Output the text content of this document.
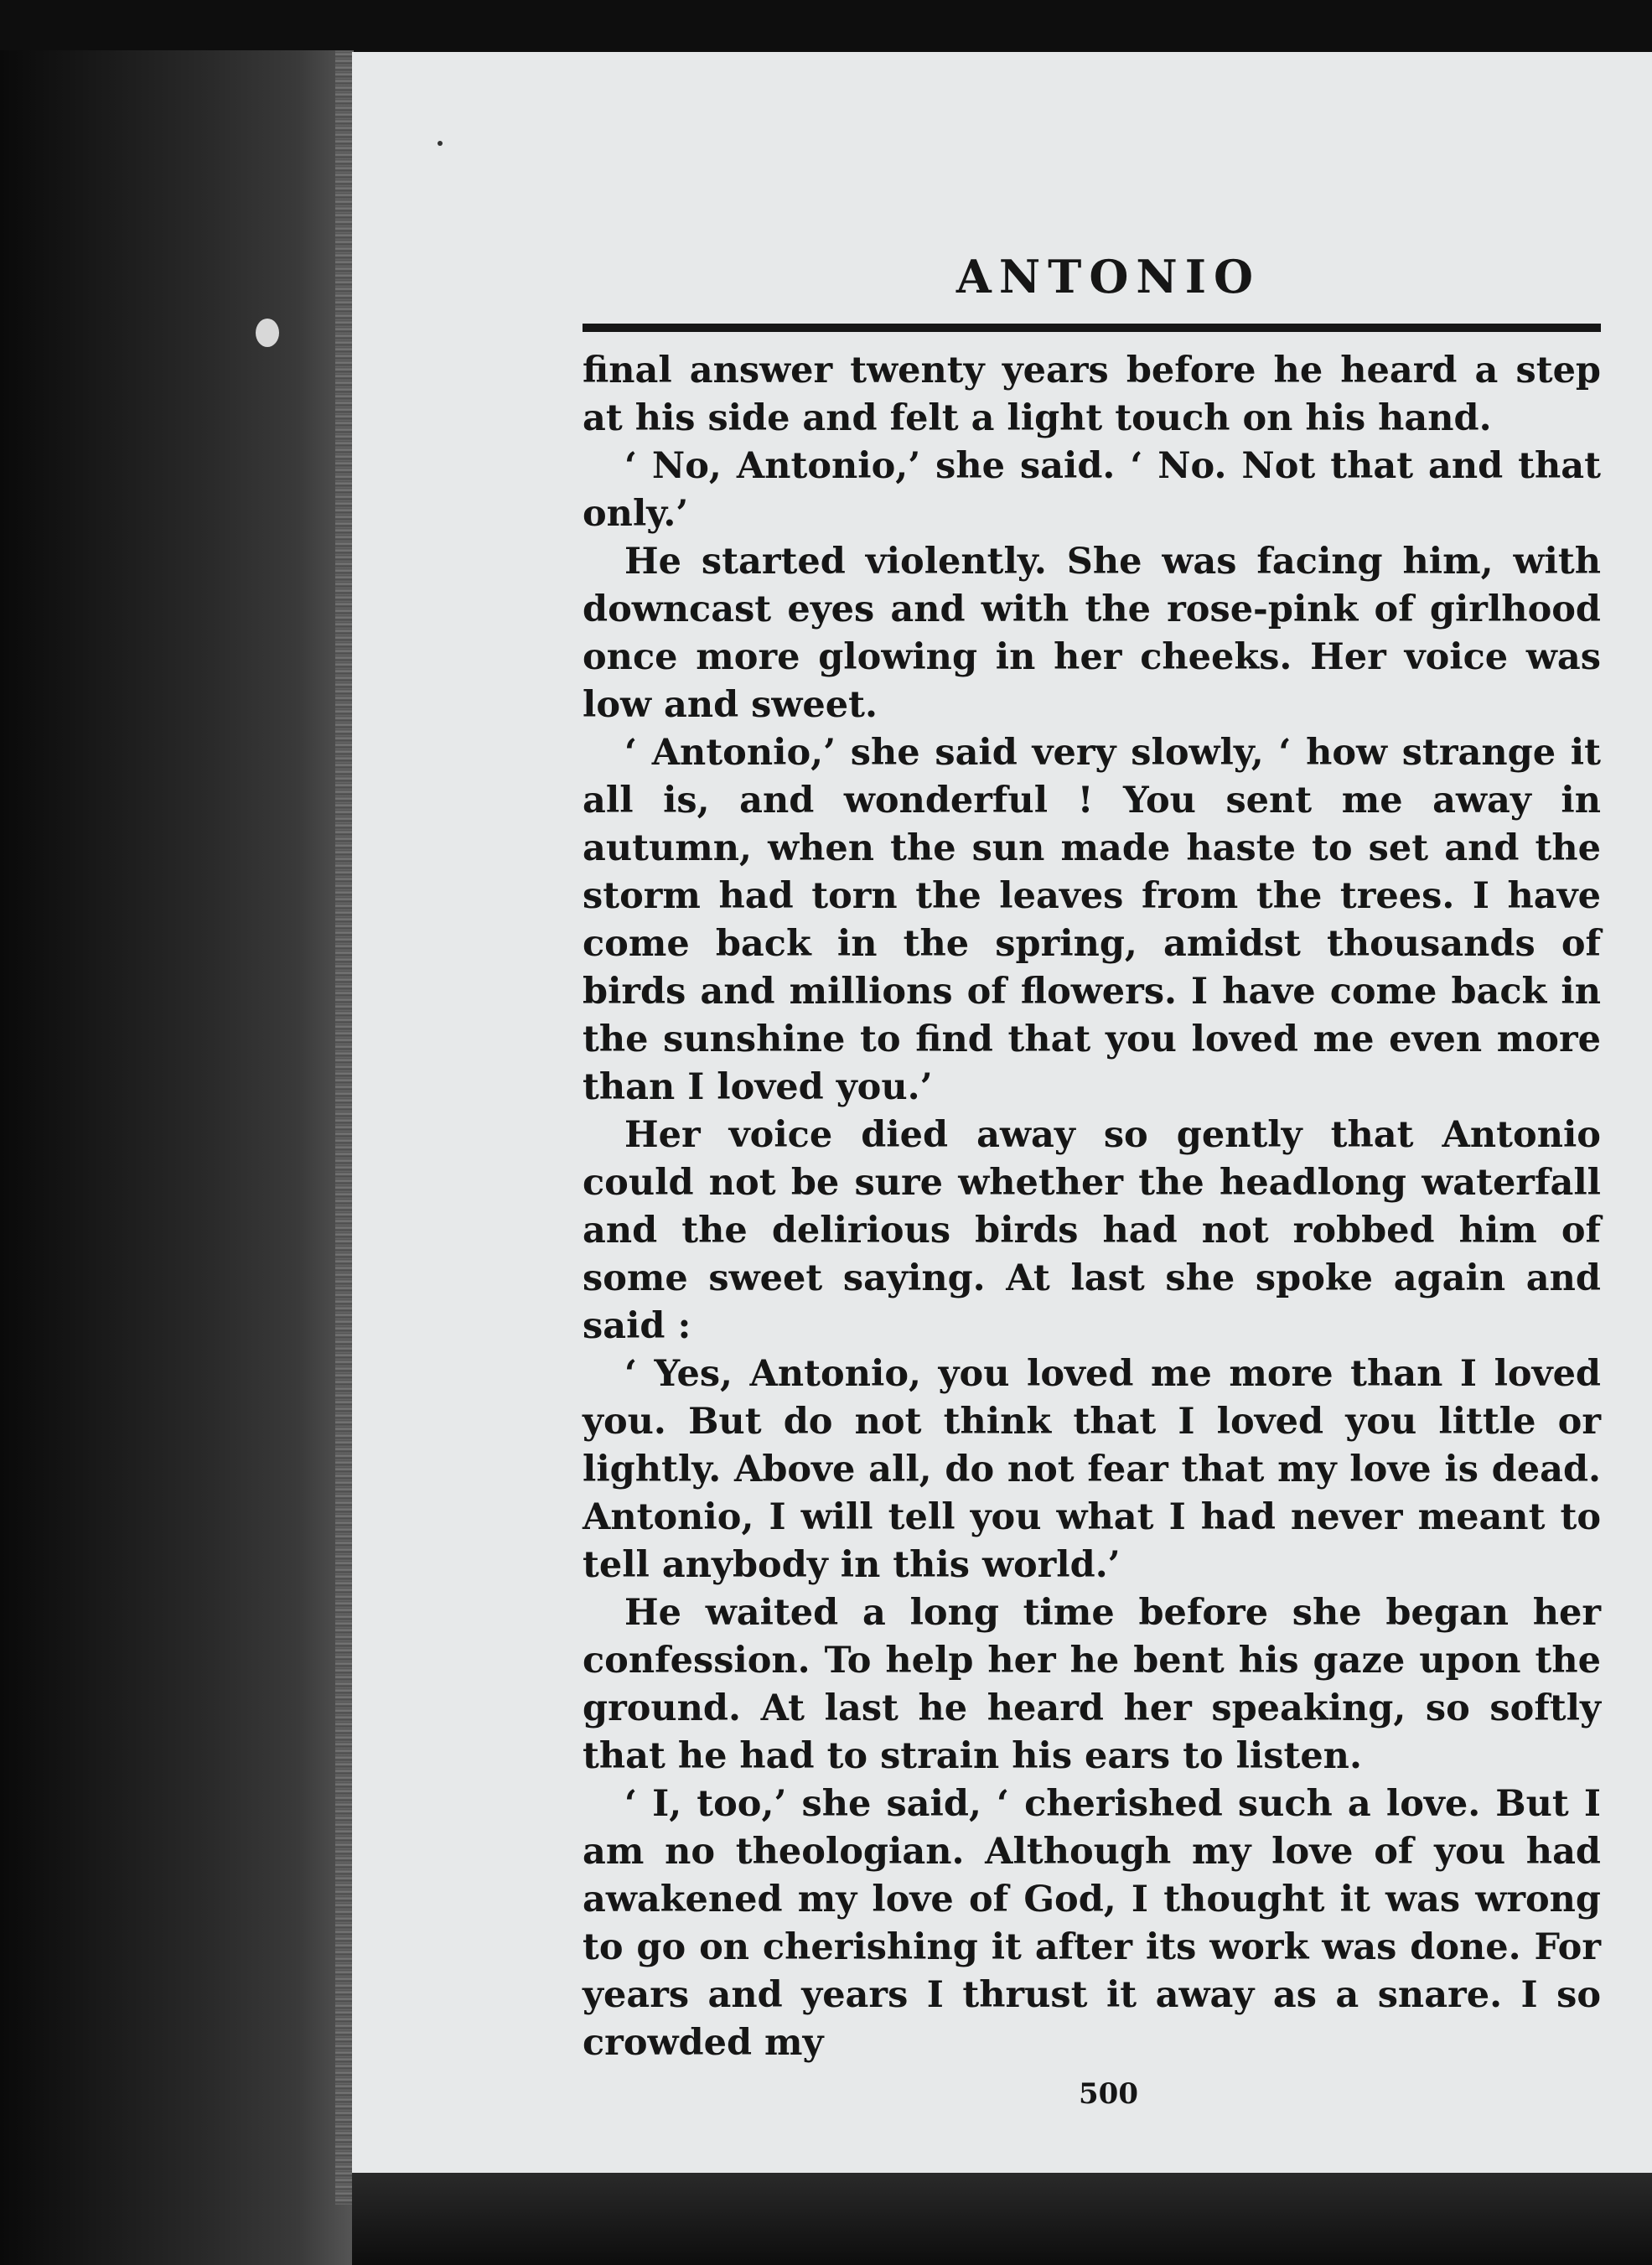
ANTONIO

final answer twenty years before he heard a step at his side and felt a light touch on his hand.

‘ No, Antonio,’ she said. ‘ No. Not that and that only.’

He started violently. She was facing him, with downcast eyes and with the rose-pink of girlhood once more glowing in her cheeks. Her voice was low and sweet.

‘ Antonio,’ she said very slowly, ‘ how strange it all is, and wonderful ! You sent me away in autumn, when the sun made haste to set and the storm had torn the leaves from the trees. I have come back in the spring, amidst thousands of birds and millions of flowers. I have come back in the sunshine to find that you loved me even more than I loved you.’

Her voice died away so gently that Antonio could not be sure whether the headlong waterfall and the delirious birds had not robbed him of some sweet saying. At last she spoke again and said :

‘ Yes, Antonio, you loved me more than I loved you. But do not think that I loved you little or lightly. Above all, do not fear that my love is dead. Antonio, I will tell you what I had never meant to tell anybody in this world.’

He waited a long time before she began her confession. To help her he bent his gaze upon the ground. At last he heard her speaking, so softly that he had to strain his ears to listen.

‘ I, too,’ she said, ‘ cherished such a love. But I am no theologian. Although my love of you had awakened my love of God, I thought it was wrong to go on cherishing it after its work was done. For years and years I thrust it away as a snare. I so crowded my

500
